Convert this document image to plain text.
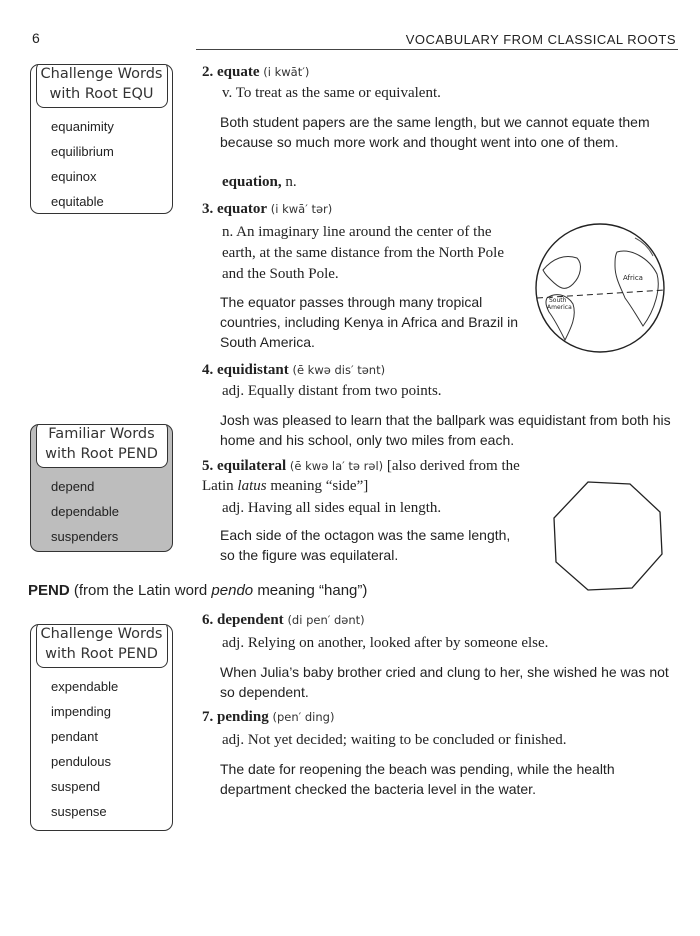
6	VOCABULARY FROM CLASSICAL ROOTS
Challenge Words
with Root EQU
equanimity
equilibrium
equinox
equitable
Familiar Words
with Root PEND
depend
dependable
suspenders
Challenge Words
with Root PEND
expendable
impending
pendant
pendulous
suspend
suspense
2. equate (i kwāt′)
v. To treat as the same or equivalent.
Both student papers are the same length, but we cannot equate them because so much more work and thought went into one of them.
equation, n.
3. equator (i kwā′ tər)
n. An imaginary line around the center of the earth, at the same distance from the North Pole and the South Pole.
The equator passes through many tropical countries, including Kenya in Africa and Brazil in South America.
Africa
South
America
4. equidistant (ē kwə dis′ tənt)
adj. Equally distant from two points.
Josh was pleased to learn that the ballpark was equidistant from both his home and his school, only two miles from each.
5. equilateral (ē kwə la′ tə rəl) [also derived from the Latin latus meaning “side”]
adj. Having all sides equal in length.
Each side of the octagon was the same length, so the figure was equilateral.
PEND (from the Latin word pendo meaning “hang”)
6. dependent (di pen′ dənt)
adj. Relying on another, looked after by someone else.
When Julia’s baby brother cried and clung to her, she wished he was not so dependent.
7. pending (pen′ ding)
adj. Not yet decided; waiting to be concluded or finished.
The date for reopening the beach was pending, while the health department checked the bacteria level in the water.
